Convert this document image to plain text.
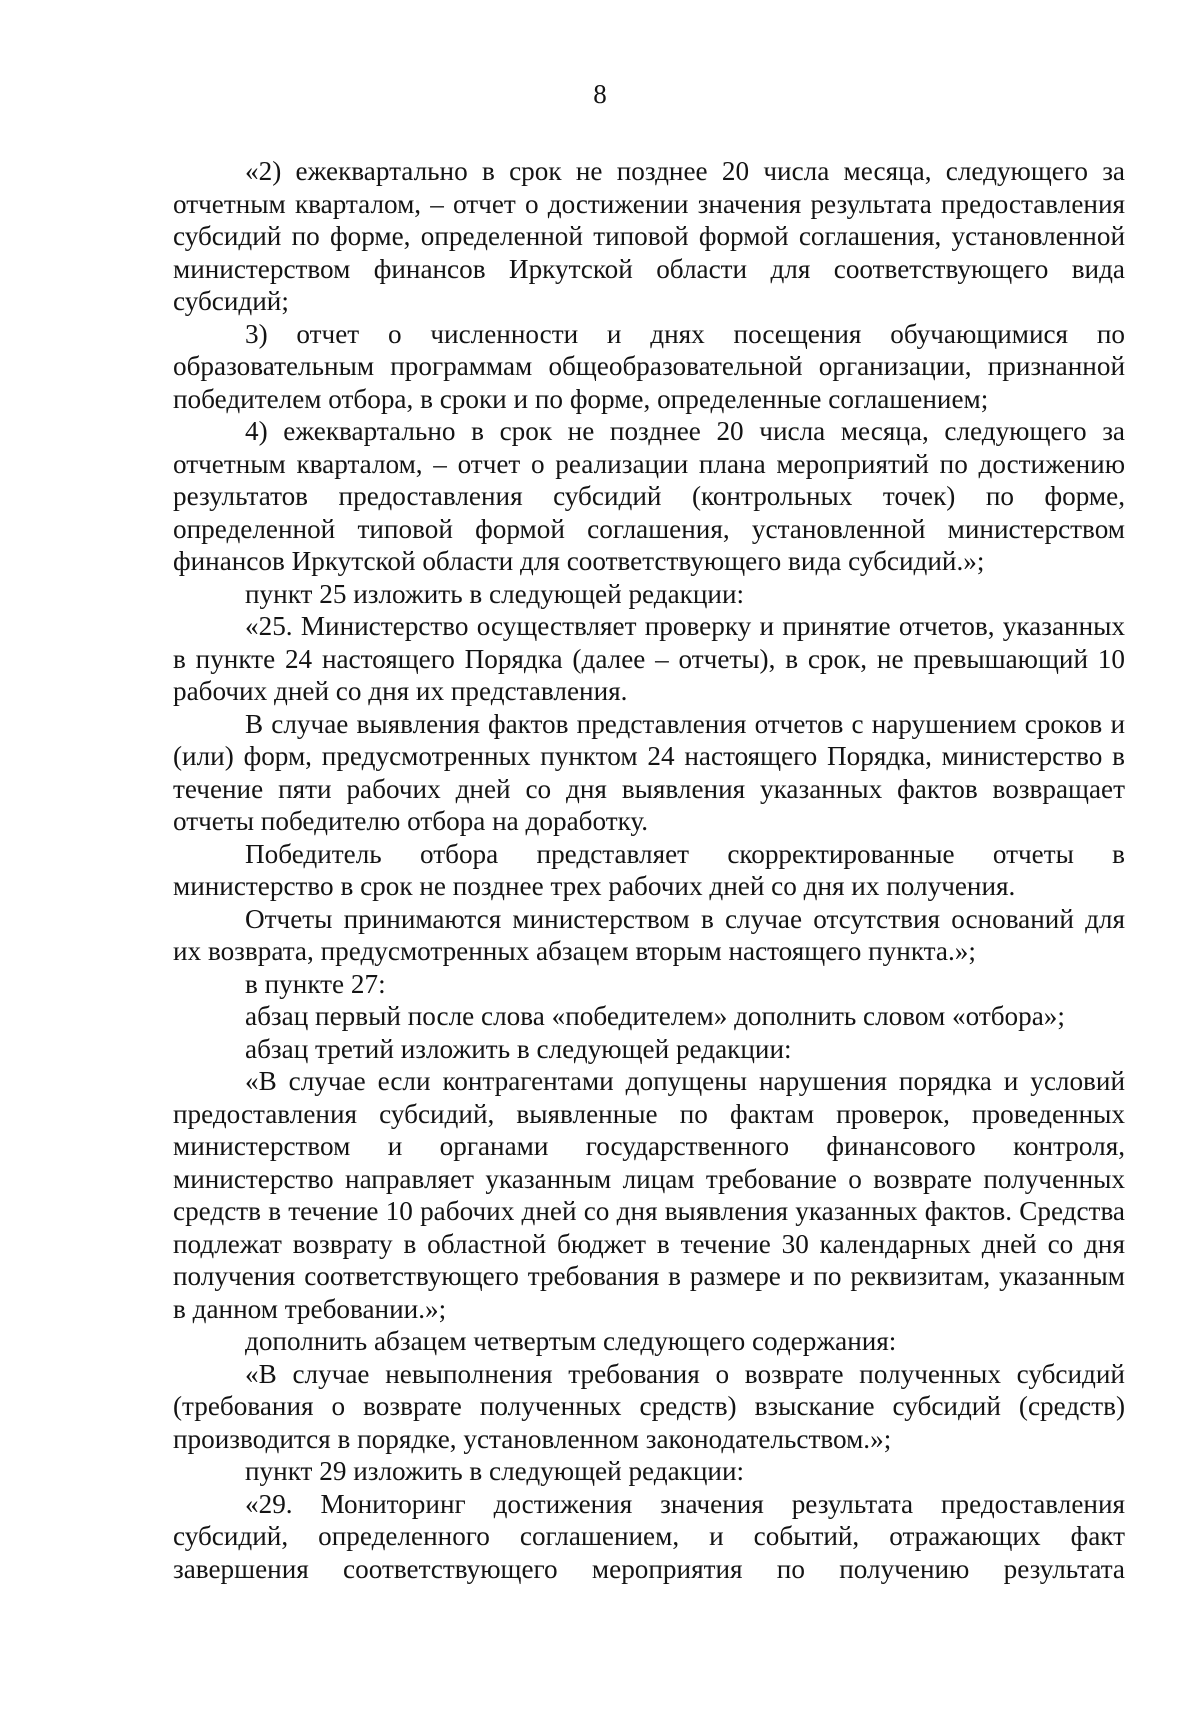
8

«2) ежеквартально в срок не позднее 20 числа месяца, следующего за отчетным кварталом, – отчет о достижении значения результата предоставления субсидий по форме, определенной типовой формой соглашения, установленной министерством финансов Иркутской области для соответствующего вида субсидий;

3) отчет о численности и днях посещения обучающимися по образовательным программам общеобразовательной организации, признанной победителем отбора, в сроки и по форме, определенные соглашением;

4) ежеквартально в срок не позднее 20 числа месяца, следующего за отчетным кварталом, – отчет о реализации плана мероприятий по достижению результатов предоставления субсидий (контрольных точек) по форме, определенной типовой формой соглашения, установленной министерством финансов Иркутской области для соответствующего вида субсидий.»;

пункт 25 изложить в следующей редакции:

«25. Министерство осуществляет проверку и принятие отчетов, указанных в пункте 24 настоящего Порядка (далее – отчеты), в срок, не превышающий 10 рабочих дней со дня их представления.

В случае выявления фактов представления отчетов с нарушением сроков и (или) форм, предусмотренных пунктом 24 настоящего Порядка, министерство в течение пяти рабочих дней со дня выявления указанных фактов возвращает отчеты победителю отбора на доработку.

Победитель отбора представляет скорректированные отчеты в министерство в срок не позднее трех рабочих дней со дня их получения.

Отчеты принимаются министерством в случае отсутствия оснований для их возврата, предусмотренных абзацем вторым настоящего пункта.»;

в пункте 27:

абзац первый после слова «победителем» дополнить словом «отбора»;

абзац третий изложить в следующей редакции:

«В случае если контрагентами допущены нарушения порядка и условий предоставления субсидий, выявленные по фактам проверок, проведенных министерством и органами государственного финансового контроля, министерство направляет указанным лицам требование о возврате полученных средств в течение 10 рабочих дней со дня выявления указанных фактов. Средства подлежат возврату в областной бюджет в течение 30 календарных дней со дня получения соответствующего требования в размере и по реквизитам, указанным в данном требовании.»;

дополнить абзацем четвертым следующего содержания:

«В случае невыполнения требования о возврате полученных субсидий (требования о возврате полученных средств) взыскание субсидий (средств) производится в порядке, установленном законодательством.»;

пункт 29 изложить в следующей редакции:

«29. Мониторинг достижения значения результата предоставления субсидий, определенного соглашением, и событий, отражающих факт завершения соответствующего мероприятия по получению результата
